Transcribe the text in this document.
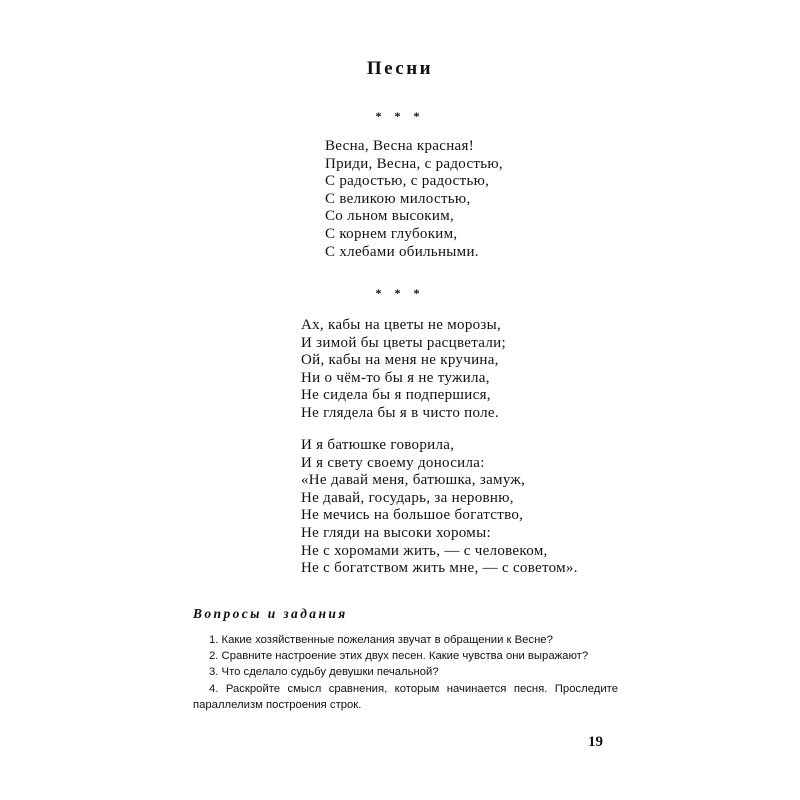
Песни
* * *
Весна, Весна красная!
Приди, Весна, с радостью,
С радостью, с радостью,
С великою милостью,
Со льном высоким,
С корнем глубоким,
С хлебами обильными.
* * *
Ах, кабы на цветы не морозы,
И зимой бы цветы расцветали;
Ой, кабы на меня не кручина,
Ни о чём-то бы я не тужила,
Не сидела бы я подпершися,
Не глядела бы я в чисто поле.
И я батюшке говорила,
И я свету своему доносила:
«Не давай меня, батюшка, замуж,
Не давай, государь, за неровню,
Не мечись на большое богатство,
Не гляди на высоки хоромы:
Не с хоромами жить, — с человеком,
Не с богатством жить мне, — с советом».
Вопросы и задания
1. Какие хозяйственные пожелания звучат в обращении к Весне?
2. Сравните настроение этих двух песен. Какие чувства они выражают?
3. Что сделало судьбу девушки печальной?
4. Раскройте смысл сравнения, которым начинается песня. Проследите параллелизм построения строк.
19
